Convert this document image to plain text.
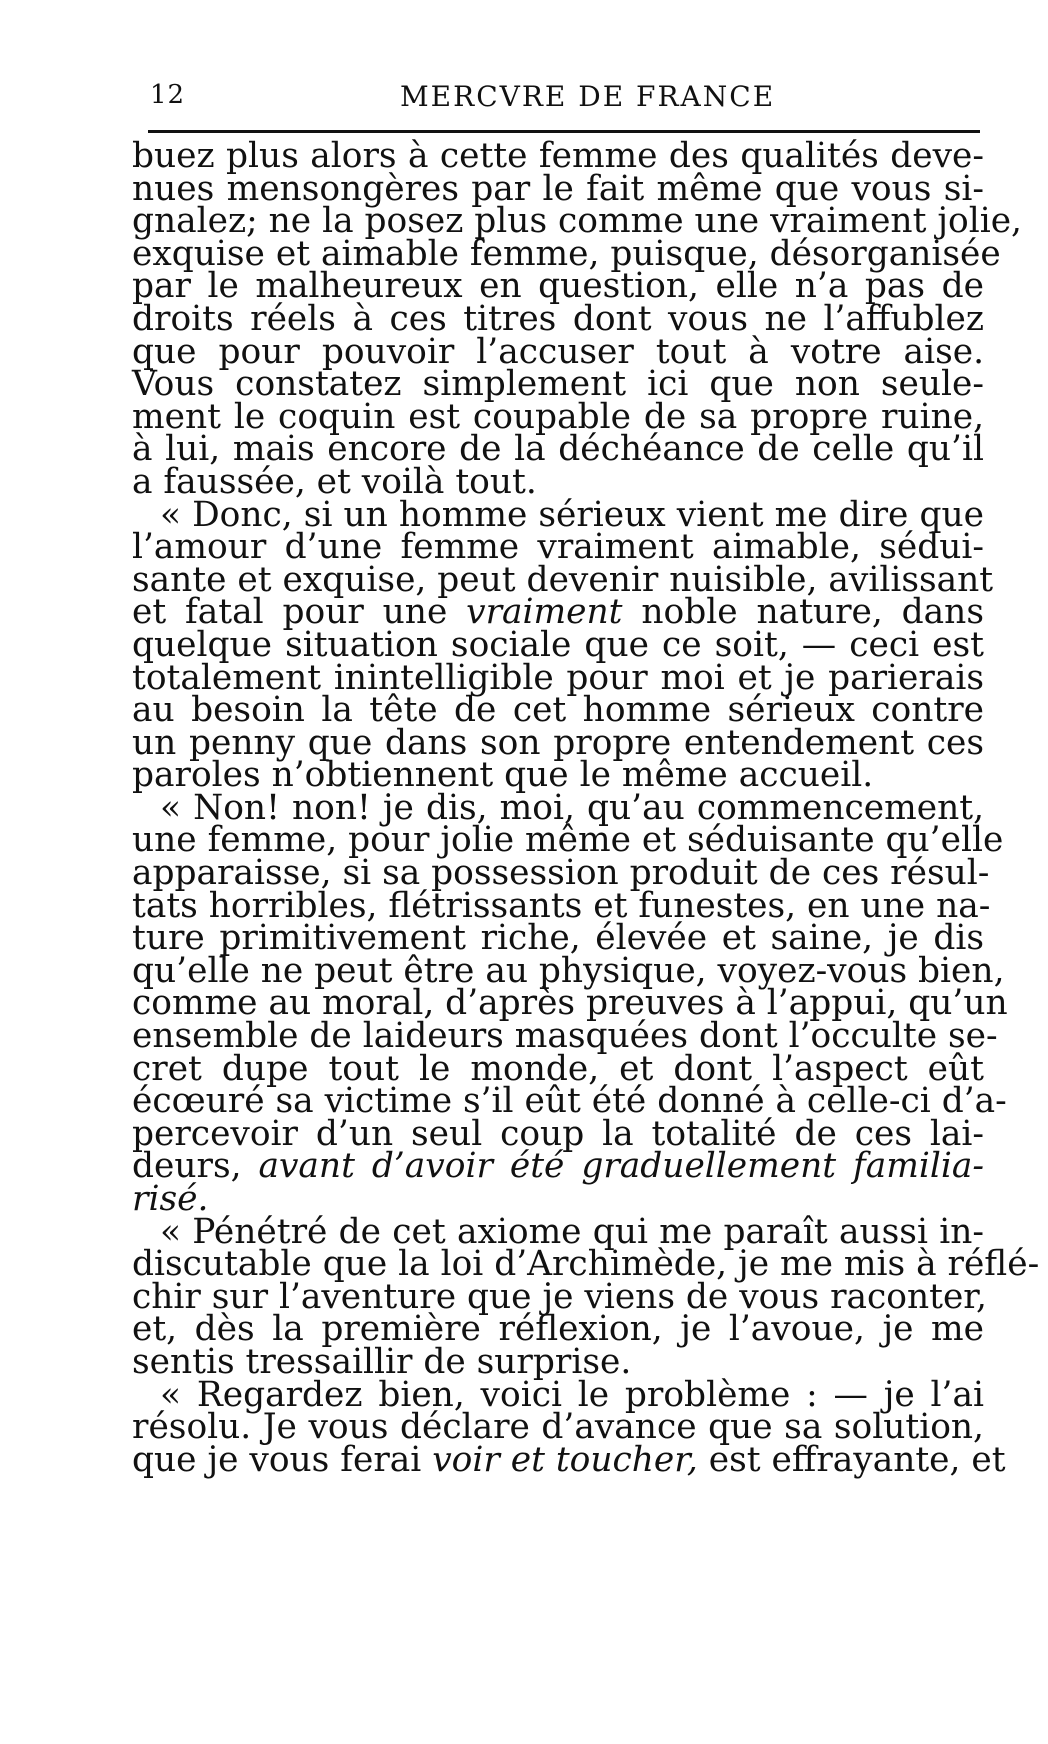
12	MERCVRE DE FRANCE
buez plus alors à cette femme des qualités deve-
nues mensongères par le fait même que vous si-
gnalez; ne la posez plus comme une vraiment jolie,
exquise et aimable femme, puisque, désorganisée
par le malheureux en question, elle n’a pas de
droits réels à ces titres dont vous ne l’affublez
que pour pouvoir l’accuser tout à votre aise.
Vous constatez simplement ici que non seule-
ment le coquin est coupable de sa propre ruine,
à lui, mais encore de la déchéance de celle qu’il
a faussée, et voilà tout.
« Donc, si un homme sérieux vient me dire que
l’amour d’une femme vraiment aimable, sédui-
sante et exquise, peut devenir nuisible, avilissant
et fatal pour une vraiment noble nature, dans
quelque situation sociale que ce soit, — ceci est
totalement inintelligible pour moi et je parierais
au besoin la tête de cet homme sérieux contre
un penny que dans son propre entendement ces
paroles n’obtiennent que le même accueil.
« Non! non! je dis, moi, qu’au commencement,
une femme, pour jolie même et séduisante qu’elle
apparaisse, si sa possession produit de ces résul-
tats horribles, flétrissants et funestes, en une na-
ture primitivement riche, élevée et saine, je dis
qu’elle ne peut être au physique, voyez-vous bien,
comme au moral, d’après preuves à l’appui, qu’un
ensemble de laideurs masquées dont l’occulte se-
cret dupe tout le monde, et dont l’aspect eût
écœuré sa victime s’il eût été donné à celle-ci d’a-
percevoir d’un seul coup la totalité de ces lai-
deurs, avant d’avoir été graduellement familia-
risé.
« Pénétré de cet axiome qui me paraît aussi in-
discutable que la loi d’Archimède, je me mis à réflé-
chir sur l’aventure que je viens de vous raconter,
et, dès la première réflexion, je l’avoue, je me
sentis tressaillir de surprise.
« Regardez bien, voici le problème : — je l’ai
résolu. Je vous déclare d’avance que sa solution,
que je vous ferai voir et toucher, est effrayante, et
